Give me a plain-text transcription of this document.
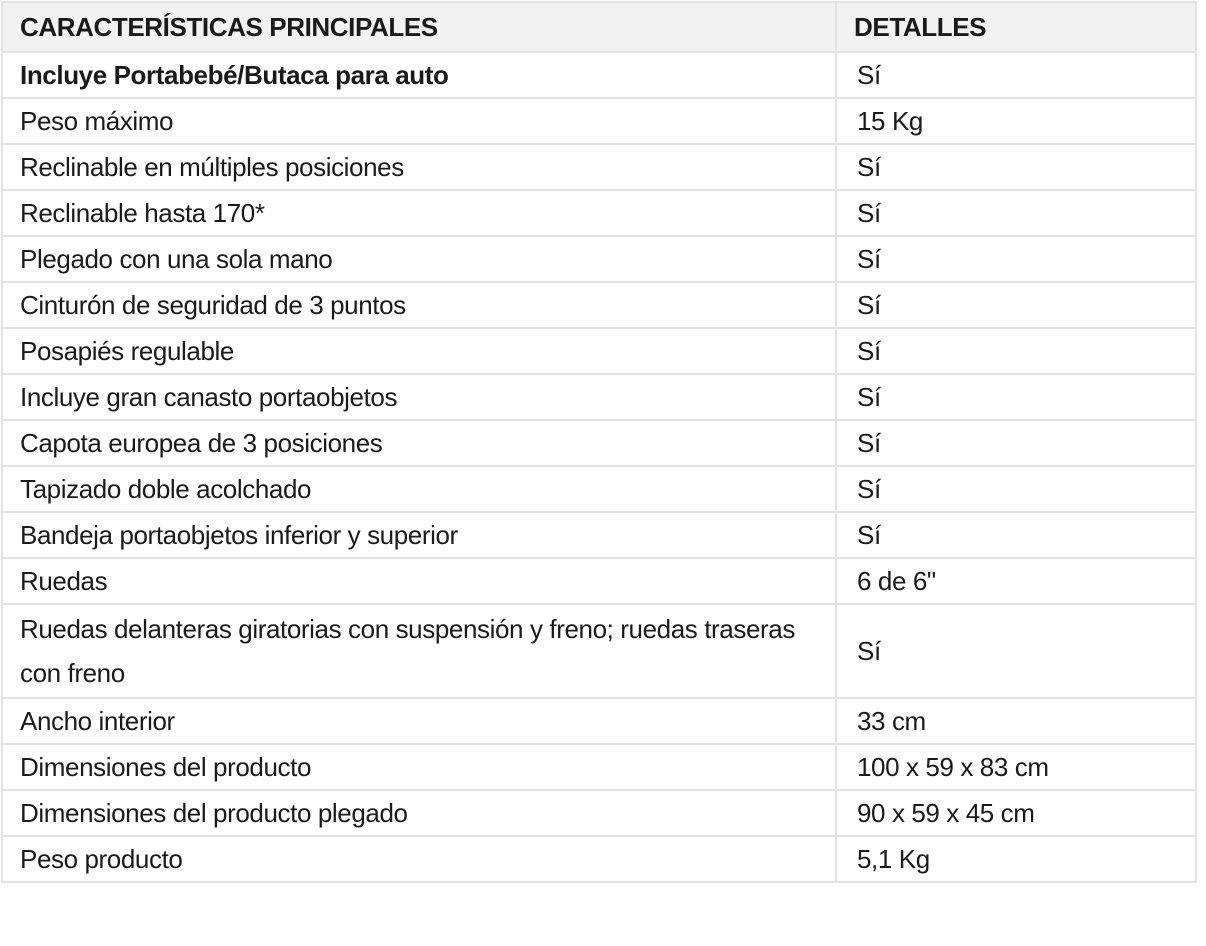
CARACTERÍSTICAS PRINCIPALES	DETALLES
Incluye Portabebé/Butaca para auto	Sí
Peso máximo	15 Kg
Reclinable en múltiples posiciones	Sí
Reclinable hasta 170*	Sí
Plegado con una sola mano	Sí
Cinturón de seguridad de 3 puntos	Sí
Posapiés regulable	Sí
Incluye gran canasto portaobjetos	Sí
Capota europea de 3 posiciones	Sí
Tapizado doble acolchado	Sí
Bandeja portaobjetos inferior y superior	Sí
Ruedas	6 de 6"
Ruedas delanteras giratorias con suspensión y freno; ruedas traseras con freno	Sí
Ancho interior	33 cm
Dimensiones del producto	100 x 59 x 83 cm
Dimensiones del producto plegado	90 x 59 x 45 cm
Peso producto	5,1 Kg
